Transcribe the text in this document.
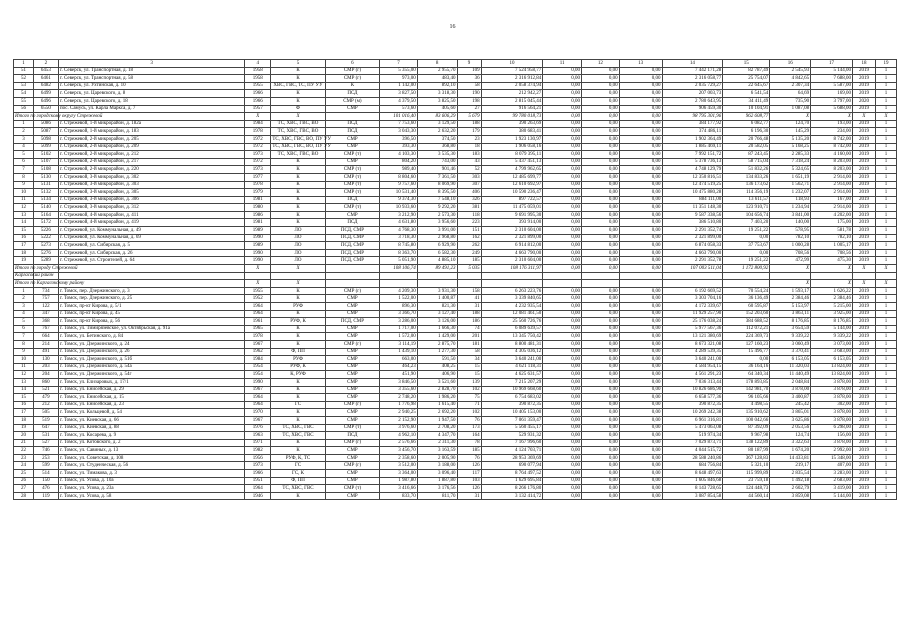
16
1	2	3	4	5	6	7	8	9	10	11	12	13	14	15	16	17	18	19
51	6453	г. Северск, ул. Транспортная, д. 18	1958	К	СМР (г)	5 355,00	2 955,70	109	7 524 958,77	0,00	0,00	0,00	7 442 171,28	82 787,49	2 545,93	5 144,00	2019	1
52	6461	г. Северск, ул. Транспортная, д. 58	1958	К	СМР (г)	973,00	483,40	36	2 316 912,84	0,00	0,00	0,00	2 316 058,77	25 754,07	4 842,65	7 688,00	2019	1
53	6482	г. Северск, ул. Ухтинская, д. 10	1955	ХВС, ГВС, ТС, ПУ УУ	К	1 142,00	892,10	58	2 058 374,94	0,00	0,00	0,00	2 035 729,27	22 645,67	2 307,34	5 587,00	2019	1
54	6499	г. Северск, ул. Царевского, д. 8	1966	К	ПСД	3 827,50	3 318,30	190	212 942,27	0,00	0,00	0,00	207 003,73	6 541,54	64,69	169,00	2019	1
55	6496	г. Северск, ул. Царевского, д. 18	1966	К	СМР (м)	4 379,50	3 825,50	198	2 815 045,44	0,00	0,00	0,00	2 780 643,95	34 411,49	735,90	3 797,00	2020	1
56	6550	пос. Самусь, ул. Карла Маркса, д. 7	1957	Ф	СМР	573,60	405,60	27	916 564,21	0,00	0,00	0,00	906 459,30	10 104,91	1 087,08	5 688,00	2019	1
Итого по городскому округу Стрежевой			X	X		101 016,40	83 606,29	5 679	99 780 018,73	0,00	0,00	0,00	98 795 301,96	962 608,77	X	X	X	X
1	5086	г. Стрежевой, 1-й микрорайон, д. 182а	1984	ТС, ХВС, ГВС, ВО	ПСД	7 753,60	3 129,50	188	390 263,69	0,00	0,00	0,00	384 177,92	6 082,77	124,70	193,00	2019	1
2	5087	г. Стрежевой, 1-й микрорайон, д. 183	1978	ТС, ХВС, ГВС, ВО	ПСД	3 043,30	2 632,20	179	380 683,41	0,00	0,00	0,00	374 486,11	6 196,30	145,29	234,00	2019	1
3	5098	г. Стрежевой, 2-й микрорайон, д. 205	1972	ТС, ХВС, ГВС, ВО, ПУ УУ	СМР	396,50	374,50	23	1 923 130,97	0,00	0,00	0,00	1 902 364,49	20 766,48	5 135,20	8 742,00	2019	1
4	5099	г. Стрежевой, 2-й микрорайон, д. 209	1972	ТС, ХВС, ГВС, ВО, ПУ УУ	СМР	393,30	368,80	18	1 906 058,16	0,00	0,00	0,00	1 885 469,11	20 582,05	5 168,25	8 742,00	2019	1
5	5102	г. Стрежевой, 2-й микрорайон, д. 212	1973	ТС, ХВС, ГВС, ВО	СМР (т)	4 103,30	3 535,30	183	8 079 395,11	0,00	0,00	0,00	7 992 151,72	87 243,45	2 285,33	4 160,00	2019	1
6	5107	г. Стрежевой, 2-й микрорайон, д. 217	1972	К	СМР	804,20	743,00	43	5 437 451,13	0,00	0,00	0,00	5 378 736,13	58 715,04	7 318,24	8 203,00	2019	1
7	5108	г. Стрежевой, 2-й микрорайон, д. 220	1973	К	СМР (т)	989,40	901,46	52	4 799 962,65	0,00	0,00	0,00	4 748 129,79	51 832,26	5 324,65	8 203,00	2019	1
8	5130	г. Стрежевой, 3-й микрорайон, д. 302	1977	К	СМР (т)	8 804,60	7 361,50	303	12 485 699,77	0,00	0,00	0,00	12 350 816,51	134 833,26	1 651,19	2 914,00	2019	1
9	5131	г. Стрежевой, 3-й микрорайон, д. 303	1978	К	СМР (т)	9 757,60	8 069,90	307	12 610 692,97	0,00	0,00	0,00	12 474 519,25	136 173,62	1 562,71	2 914,00	2019	1
10	5132	г. Стрежевой, 3-й микрорайон, д. 305	1979	К	СМР (т)	10 531,40	8 395,50	406	10 590 236,47	0,00	0,00	0,00	10 475 880,28	114 356,19	1 232,07	2 914,00	2019	1
11	5134	г. Стрежевой, 3-й микрорайон, д. 306	1981	К	ПСД	9 374,30	7 548,10	326	897 722,57	0,00	0,00	0,00	884 111,00	13 611,57	118,93	167,00	2019	1
12	5140	г. Стрежевой, 3-й микрорайон, д. 312	1980	К	СМР (т)	10 933,60	9 292,20	381	11 475 059,01	0,00	0,00	0,00	11 351 148,30	123 910,71	1 234,94	2 914,00	2019	1
13	5164	г. Стрежевой, 4-й микрорайон, д. 411	1986	К	СМР	3 212,90	2 573,30	118	9 691 995,30	0,00	0,00	0,00	9 587 338,56	104 656,74	3 841,00	4 202,00	2019	1
14	5172	г. Стрежевой, 4-й микрорайон, д. 419	1981	К	ПСД	4 631,80	3 956,60	223	393 914,00	0,00	0,00	0,00	386 510,80	7 403,20	140,00	175,00	2019	1
15	5226	г. Стрежевой, ул. Коммунальная, д. 49	1989	ЛО	ПСД, СМР	4 768,30	3 991,00	151	2 310 604,00	0,00	0,00	0,00	2 291 352,74	19 251,22	578,95	581,78	2019	1
16	5222	г. Стрежевой, ул. Коммунальная, д. 69	1990	ЛО	ПСД, СМР	3 718,30	2 968,80	162	2 321 899,00	0,00	0,00	0,00	2 321 899,00	0,00	782,10	782,10	2019	1
17	5273	г. Стрежевой, ул. Сибирская, д. 5	1989	ЛО	ПСД, СМР	8 745,80	6 929,90	262	6 914 812,00	0,00	0,00	0,00	6 874 058,33	37 753,67	1 000,28	1 005,17	2019	1
18	5276	г. Стрежевой, ул. Сибирская, д. 26	1990	ЛО	ПСД, СМР	8 363,70	6 582,30	249	4 663 790,00	0,00	0,00	0,00	4 663 790,00	0,00	708,56	708,56	2019	1
19	5289	г. Стрежевой, ул. Строителей, д. 64	1990	ЛО	ПСД, СМР	5 051,90	4 885,10	185	2 310 604,00	0,00	0,00	0,00	2 291 352,78	19 251,22	472,99	475,30	2019	1
Итого по городу Стрежевой			X	X		108 106,74	89 491,23	5 035	108 176 311,97	0,00	0,00	0,00	107 003 511,04	1 172 800,92	X	X	X	X
Каргасокий район																		
Итого по Каргасокскому району			X	X											X	X	X	X
1	734	г. Томск, пер. Дзержинского, д. 3	1955	К	СМР (г)	4 209,30	3 931,30	158	6 263 223,76	0,00	0,00	0,00	6 192 669,52	70 554,24	1 593,17	1 626,22	2019	1
2	757	г. Томск, пер. Дзержинского, д. 25	1952	К	СМР	1 522,00	1 400,87	41	3 339 840,65	0,00	0,00	0,00	3 303 704,16	36 136,49	2 384,46	2 384,46	2019	1
3	122	г. Томск, пр-кт Кирова, д. 5/1	1964	РУФ	СМР	896,30	821,30	31	4 232 935,54	0,00	0,00	0,00	4 172 339,67	60 595,87	5 153,97	5 215,00	2019	1
4	347	г. Томск, пр-кт Кирова, д. 45	1964	К	СМР	3 366,70	3 127,40	188	12 081 461,50	0,00	0,00	0,00	11 929 257,90	152 203,60	3 863,11	3 925,00	2019	1
5	368	г. Томск, пр-кт Кирова, д. 56	1961	РУФ, К	ПСД, СМР	3 286,00	3 126,00	186	25 560 726,76	0,00	0,00	0,00	25 176 038,24	384 688,52	8 176,85	8 176,85	2019	1
6	767	г. Томск, ул. Тимирязевское, ул. Октябрьская, д. 91а	1965	К	СМР	1 717,00	1 666,30	74	6 089 639,57	0,00	0,00	0,00	5 977 567,36	112 072,21	3 654,59	5 144,00	2019	1
7	664	г. Томск, ул. Бетинского, д. 84	1978	К	СМР	1 572,00	1 429,00	201	13 345 750,42	0,00	0,00	0,00	13 121 380,69	224 369,73	9 339,22	9 339,22	2019	1
8	214	г. Томск, ул. Дзержинского, д. 24	1967	К	СМР (г)	3 114,19	2 875,70	181	8 800 481,31	0,00	0,00	0,00	8 673 321,08	127 160,23	3 060,49	3 073,00	2019	1
9	491	г. Томск, ул. Дзержинского, д. 26	1962	Ф, ПП	СМР	1 439,10	1 277,30	58	4 305 036,12	0,00	0,00	0,00	4 289 539,35	15 496,77	3 370,41	3 683,00	2019	1
10	130	г. Томск, ул. Дзержинского, д. 51б	1984	РУФ	СМР	663,00	591,50	34	3 640 241,00	0,00	0,00	0,00	3 640 241,00	0,00	6 153,05	6 153,05	2019	1
11	203	г. Томск, ул. Дзержинского, д. 54а	1954	РУФ, К	СМР	464,23	408,25	15	4 621 118,31	0,00	0,00	0,00	4 584 954,15	36 164,16	11 320,03	13 824,00	2019	1
12	204	г. Томск, ул. Дзержинского, д. 54г	1954	К, РУФ	СМР	451,90	406,90	15	4 625 631,57	0,00	0,00	0,00	4 561 291,23	64 340,34	11 440,49	13 824,00	2019	1
13	860	г. Томск, ул. Елизаровых, д. 17/1	1990	К	СМР	3 846,50	3 521,60	139	7 215 207,29	0,00	0,00	0,00	7 036 313,44	178 893,85	2 048,84	3 878,00	2019	1
14	521	г. Томск, ул. Енисейская, д. 29	1967	К	СМР	3 355,60	2 828,70	102	10 969 668,60	0,00	0,00	0,00	10 826 686,90	142 981,70	3 878,00	3 878,00	2019	1
15	479	г. Томск, ул. Енисейская, д. 15	1964	К	СМР	2 748,20	1 986,20	75	6 754 683,02	0,00	0,00	0,00	6 658 577,36	96 105,66	3 400,87	3 878,00	2019	1
16	212	г. Томск, ул. Енисейская, д. 23	1964	ГС	СМР (г)	1 776,98	1 615,40	71	390 872,35	0,00	0,00	0,00	390 872,35	4 498,55	245,42	302,00	2019	1
17	505	г. Томск, ул. Кольцевой, д. 54	1970	К	СМР	2 940,25	2 692,20	102	10 405 153,00	0,00	0,00	0,00	10 269 242,38	135 910,62	3 865,01	3 878,00	2019	1
18	519	г. Томск, ул. Киевская, д. 66	1967	К	СМР	2 152,90	1 947,50	76	7 061 359,47	0,00	0,00	0,00	6 961 316,81	100 042,66	3 625,86	3 878,00	2019	1
19	647	г. Томск, ул. Киевская, д. 88	1976	ТС, ХВС, ГВС	СМР (т)	3 976,60	2 708,20	173	5 560 455,17	0,00	0,00	0,00	5 473 063,08	87 392,09	2 053,56	6 298,00	2019	1
20	531	г. Томск, ул. Косарева, д. 9	1963	ТС, ХВС, ГВС	ПСД	4 962,10	4 347,70	164	529 931,32	0,00	0,00	0,00	519 974,34	9 967,98	124,74	156,00	2019	1
21	527	г. Томск, ул. Котовского, д. 2	1971	К	СМР (г)	2 576,66	2 311,30	78	7 167 996,60	0,00	0,00	0,00	7 029 873,71	138 122,89	3 322,63	3 878,00	2019	1
22	746	г. Томск, ул. Савиных, д. 13	1982	К	СМР	3 456,70	3 163,59	185	4 124 703,71	0,00	0,00	0,00	4 044 515,72	80 187,99	1 674,20	2 992,00	2019	1
23	253	г. Томск, ул. Советская, д. 108	1956	РУФ, К, ТС	СМР	2 358,60	2 005,90	76	28 953 369,69	0,00	0,00	0,00	28 588 240,86	367 128,83	14 433,81	15 348,00	2019	1
24	599	г. Томск, ул. Студенческая, д. 56	1973	ГС	СМР (г)	3 512,00	3 188,00	126	690 077,94	0,00	0,00	0,00	684 756,84	5 321,10	219,17	407,00	2019	1
25	514	г. Томск, ул. Тимакова, д. 3	1966	ГС, К	СМР	3 364,00	3 096,40	117	8 764 497,52	0,00	0,00	0,00	8 648 497,63	115 999,89	2 835,54	3 283,00	2019	1
26	150	г. Томск, ул. Усова, д. 10а	1951	Ф, ПП	СМР	1 987,80	1 887,80	103	1 629 695,84	0,00	0,00	0,00	1 605 846,68	23 759,18	1 492,18	2 683,00	2019	1
27	476	г. Томск, ул. Усова, д. 23а	1964	ТС, ХВС, ГВС	СМР (т)	3 416,66	3 176,56	126	8 266 176,80	0,00	0,00	0,00	8 143 728,65	124 448,73	2 602,79	3 419,00	2019	1
28	119	г. Томск, ул. Усова, д. 58	1946	К	СМР	833,70	811,70	31	3 132 414,72	0,00	0,00	0,00	3 087 854,58	44 560,14	3 859,08	5 144,00	2019	1
